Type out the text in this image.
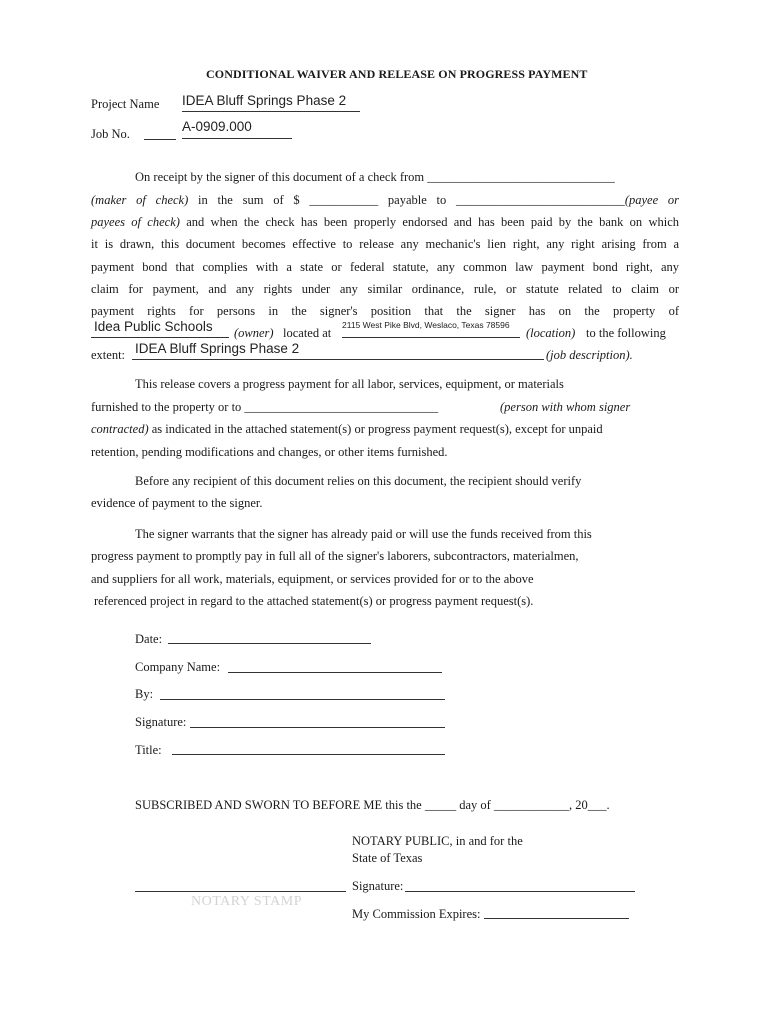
CONDITIONAL WAIVER AND RELEASE ON PROGRESS PAYMENT
Project Name IDEA Bluff Springs Phase 2
Job No.	A-0909.000
On receipt by the signer of this document of a check from ______________________________
(maker of check) in the sum of $ ___________ payable to ___________________________(payee or
payees of check) and when the check has been properly endorsed and has been paid by the bank on which
it is drawn, this document becomes effective to release any mechanic's lien right, any right arising from a
payment bond that complies with a state or federal statute, any common law payment bond right, any
claim for payment, and any rights under any similar ordinance, rule, or statute related to claim or
payment rights for persons in the signer's position that the signer has on the property of
Idea Public Schools	(owner) located at
2115 West Pike Blvd, Weslaco, Texas 78596
(location) to the following
extent: IDEA Bluff Springs Phase 2	(job description).
This release covers a progress payment for all labor, services, equipment, or materials
furnished to the property or to _______________________________	(person with whom signer
contracted) as indicated in the attached statement(s) or progress payment request(s), except for unpaid
retention, pending modifications and changes, or other items furnished.
Before any recipient of this document relies on this document, the recipient should verify
evidence of payment to the signer.
The signer warrants that the signer has already paid or will use the funds received from this
progress payment to promptly pay in full all of the signer's laborers, subcontractors, materialmen,
and suppliers for all work, materials, equipment, or services provided for or to the above
referenced project in regard to the attached statement(s) or progress payment request(s).
Date:
Company Name:
By:
Signature:
Title:
SUBSCRIBED AND SWORN TO BEFORE ME this the _____ day of ____________, 20___.
NOTARY PUBLIC, in and for the
State of Texas
Signature:
NOTARY STAMP
My Commission Expires:
